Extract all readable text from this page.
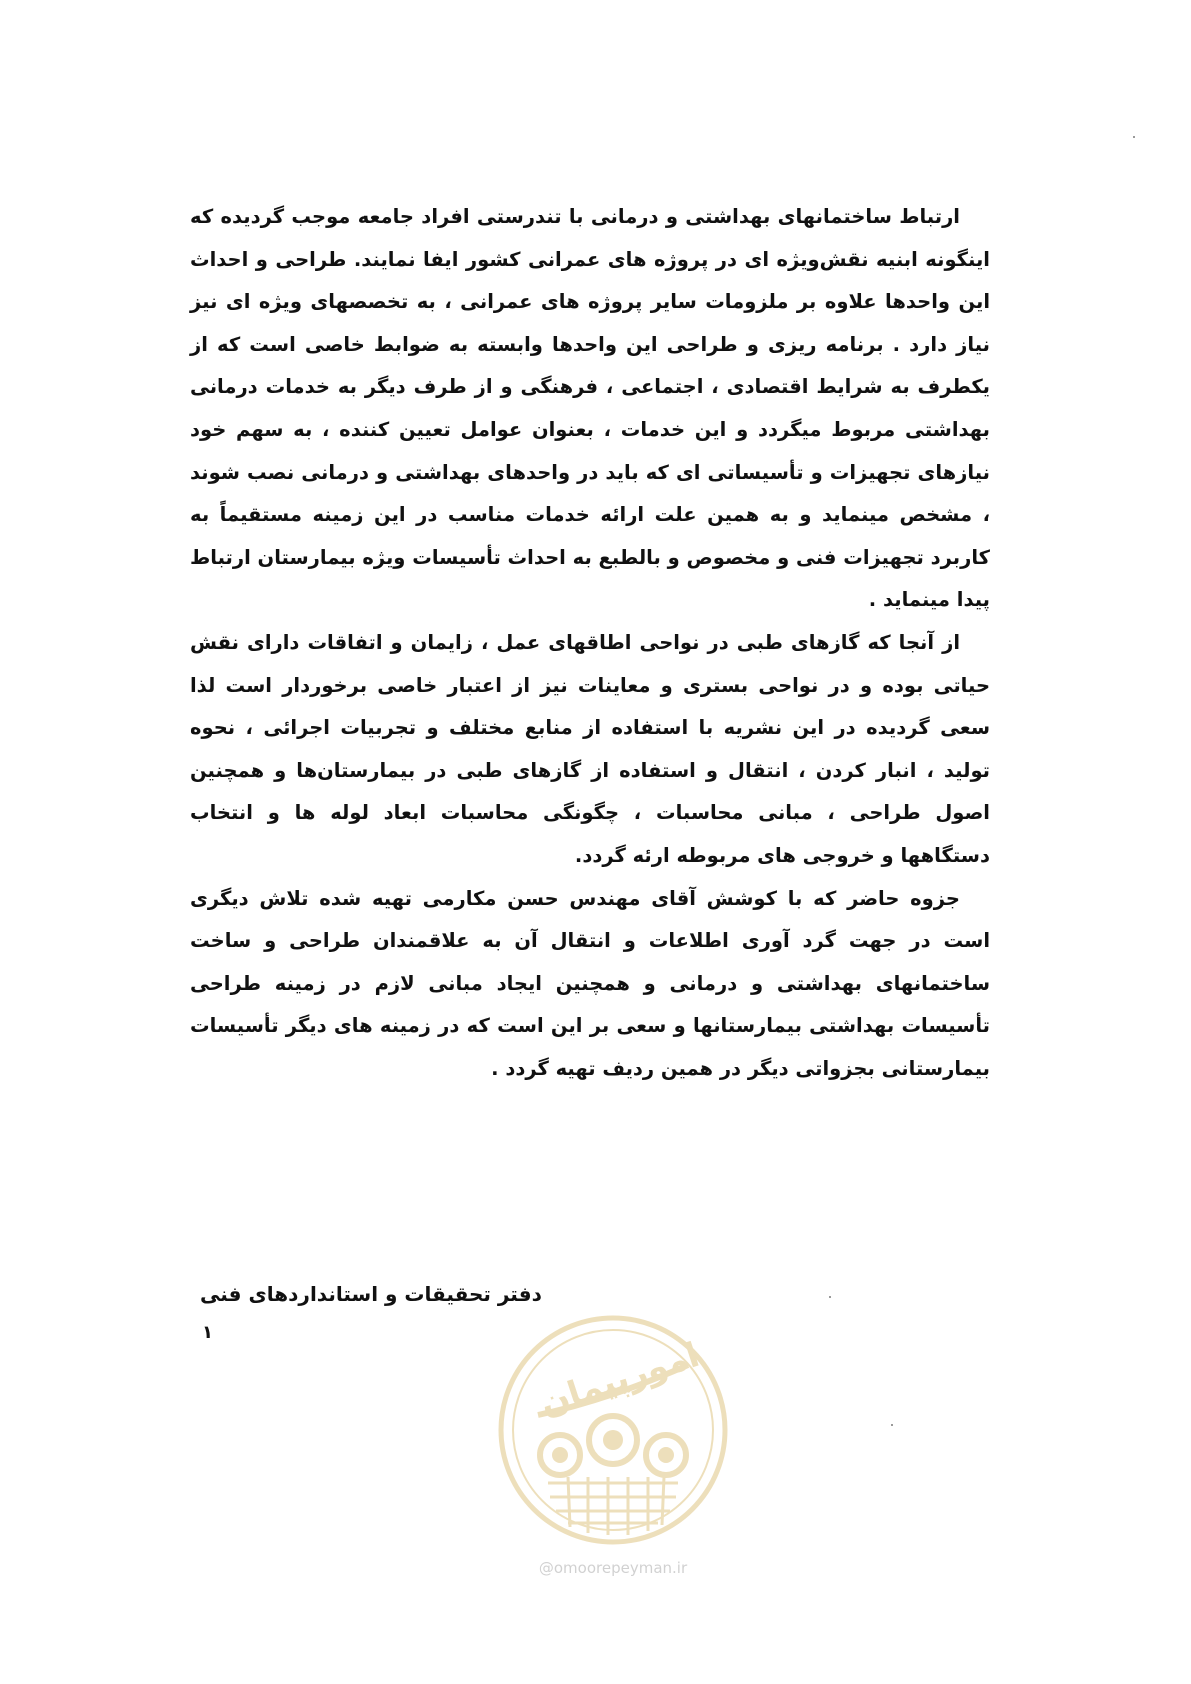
ارتباط ساختمانهای بهداشتی و درمانی با تندرستی افراد جامعه موجب گردیده که اینگونه ابنیه نقش‌ویژه ای در پروژه های عمرانی کشور ایفا نمایند. طراحی و احداث این واحدها علاوه بر ملزومات سایر پروژه های عمرانی ، به تخصصهای ویژه ای نیز نیاز دارد . برنامه ریزی و طراحی این واحدها وابسته به ضوابط خاصی است که از یکطرف به شرایط اقتصادی ، اجتماعی ، فرهنگی و از طرف دیگر به خدمات درمانی بهداشتی مربوط میگردد و این خدمات ، بعنوان عوامل تعیین کننده ، به سهم خود نیازهای تجهیزات و تأسیساتی ای که باید در واحدهای بهداشتی و درمانی نصب شوند ، مشخص مینماید و به همین علت ارائه خدمات مناسب در این زمینه مستقیماً به کاربرد تجهیزات فنی و مخصوص و بالطبع به احداث تأسیسات ویژه بیمارستان ارتباط پیدا مینماید .

از آنجا که گازهای طبی در نواحی اطاقهای عمل ، زایمان و اتفاقات دارای نقش حیاتی بوده و در نواحی بستری و معاینات نیز از اعتبار خاصی برخوردار است لذا سعی گردیده در این نشریه با استفاده از منابع مختلف و تجربیات اجرائی ، نحوه تولید ، انبار کردن ، انتقال و استفاده از گازهای طبی در بیمارستان‌ها و همچنین اصول طراحی ، مبانی محاسبات ، چگونگی محاسبات ابعاد لوله ها و انتخاب دستگاهها و خروجی های مربوطه ارئه گردد.

جزوه حاضر که با کوشش آقای مهندس حسن مکارمی تهیه شده تلاش دیگری است در جهت گرد آوری اطلاعات و انتقال آن به علاقمندان طراحی و ساخت ساختمانهای بهداشتی و درمانی و همچنین ایجاد مبانی لازم در زمینه طراحی تأسیسات بهداشتی بیمارستانها و سعی بر این است که در زمینه های دیگر تأسیسات بیمارستانی بجزواتی دیگر در همین ردیف تهیه گردد .

دفتر تحقیقات و استانداردهای فنی
۱
امورپیمان
@omoorepeyman.ir
